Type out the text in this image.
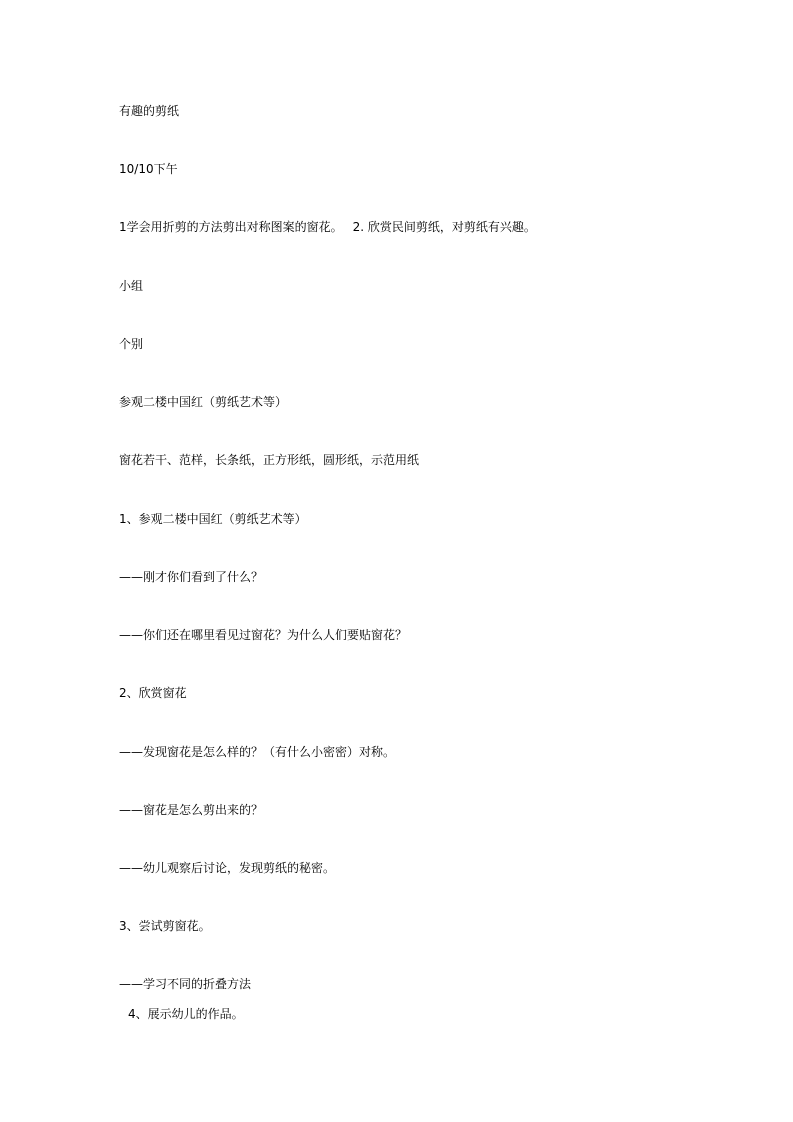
有趣的剪纸
10/10下午
1学会用折剪的方法剪出对称图案的窗花。 2. 欣赏民间剪纸，对剪纸有兴趣。
小组
个别
参观二楼中国红（剪纸艺术等）
窗花若干、范样，长条纸，正方形纸，圆形纸，示范用纸
1、参观二楼中国红（剪纸艺术等）
——刚才你们看到了什么？
——你们还在哪里看见过窗花？为什么人们要贴窗花？
2、欣赏窗花
——发现窗花是怎么样的？（有什么小密密）对称。
——窗花是怎么剪出来的？
——幼儿观察后讨论，发现剪纸的秘密。
3、尝试剪窗花。
——学习不同的折叠方法
4、展示幼儿的作品。
